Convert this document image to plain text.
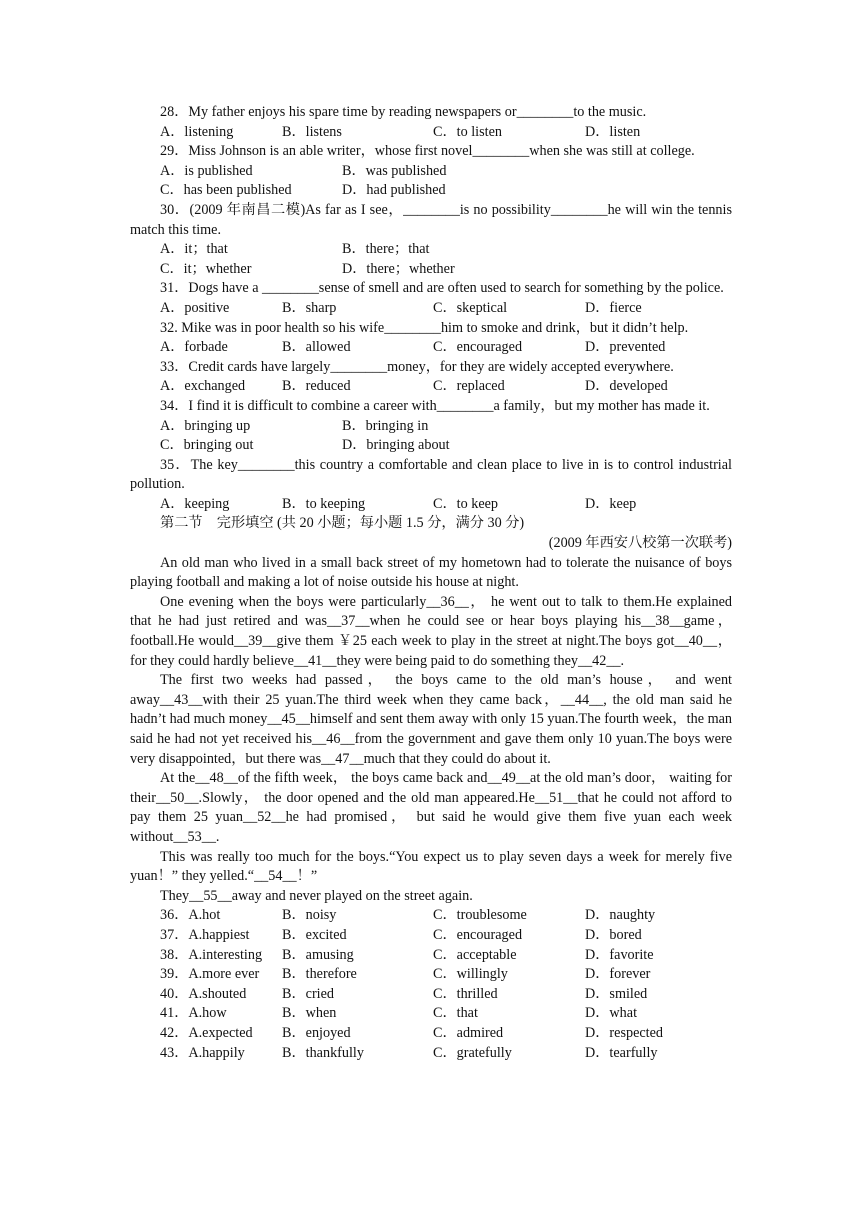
28．My father enjoys his spare time by reading newspapers or________to the music.

A．listening	B．listens	C．to listen	D．listen

29．Miss Johnson is an able writer，whose first novel________when she was still at college.

A．is published	B．was published
C．has been published	D．had published

30．(2009 年南昌二模)As far as I see，________is no possibility________he will win the tennis match this time.

A．it；that	B．there；that
C．it；whether	D．there；whether

31．Dogs have a ________sense of smell and are often used to search for something by the police.

A．positive	B．sharp	C．skeptical	D．fierce

32. Mike was in poor health so his wife________him to smoke and drink，but it didn’t help.

A．forbade	B．allowed	C．encouraged	D．prevented

33．Credit cards have largely________money，for they are widely accepted everywhere.

A．exchanged	B．reduced	C．replaced	D．developed

34．I find it is difficult to combine a career with________a family，but my mother has made it.

A．bringing up	B．bringing in
C．bringing out	D．bringing about

35．The key________this country a comfortable and clean place to live in is to control industrial pollution.

A．keeping	B．to keeping	C．to keep	D．keep

第二节　完形填空 (共 20 小题；每小题 1.5 分，满分 30 分)

(2009 年西安八校第一次联考)

An old man who lived in a small back street of my hometown had to tolerate the nuisance of boys playing football and making a lot of noise outside his house at night.

One evening when the boys were particularly__36__， he went out to talk to them.He explained that he had just retired and was__37__when he could see or hear boys playing his__38__game， football.He would__39__give them ￥25 each week to play in the street at night.The boys got__40__， for they could hardly believe__41__they were being paid to do something they__42__.

The first two weeks had passed， the boys came to the old man’s house， and went away__43__with their 25 yuan.The third week when they came back，__44__, the old man said he hadn’t had much money__45__himself and sent them away with only 15 yuan.The fourth week，the man said he had not yet received his__46__from the government and gave them only 10 yuan.The boys were very disappointed，but there was__47__much that they could do about it.

At the__48__of the fifth week， the boys came back and__49__at the old man’s door， waiting for their__50__.Slowly， the door opened and the old man appeared.He__51__that he could not afford to pay them 25 yuan__52__he had promised， but said he would give them five yuan each week without__53__.

This was really too much for the boys.“You expect us to play seven days a week for merely five yuan！” they yelled.“__54__！”

They__55__away and never played on the street again.

36．A.hot	B．noisy	C．troublesome	D．naughty
37．A.happiest	B．excited	C．encouraged	D．bored
38．A.interesting	B．amusing	C．acceptable	D．favorite
39．A.more ever	B．therefore	C．willingly	D．forever
40．A.shouted	B．cried	C．thrilled	D．smiled
41．A.how	B．when	C．that	D．what
42．A.expected	B．enjoyed	C．admired	D．respected
43．A.happily	B．thankfully	C．gratefully	D．tearfully
